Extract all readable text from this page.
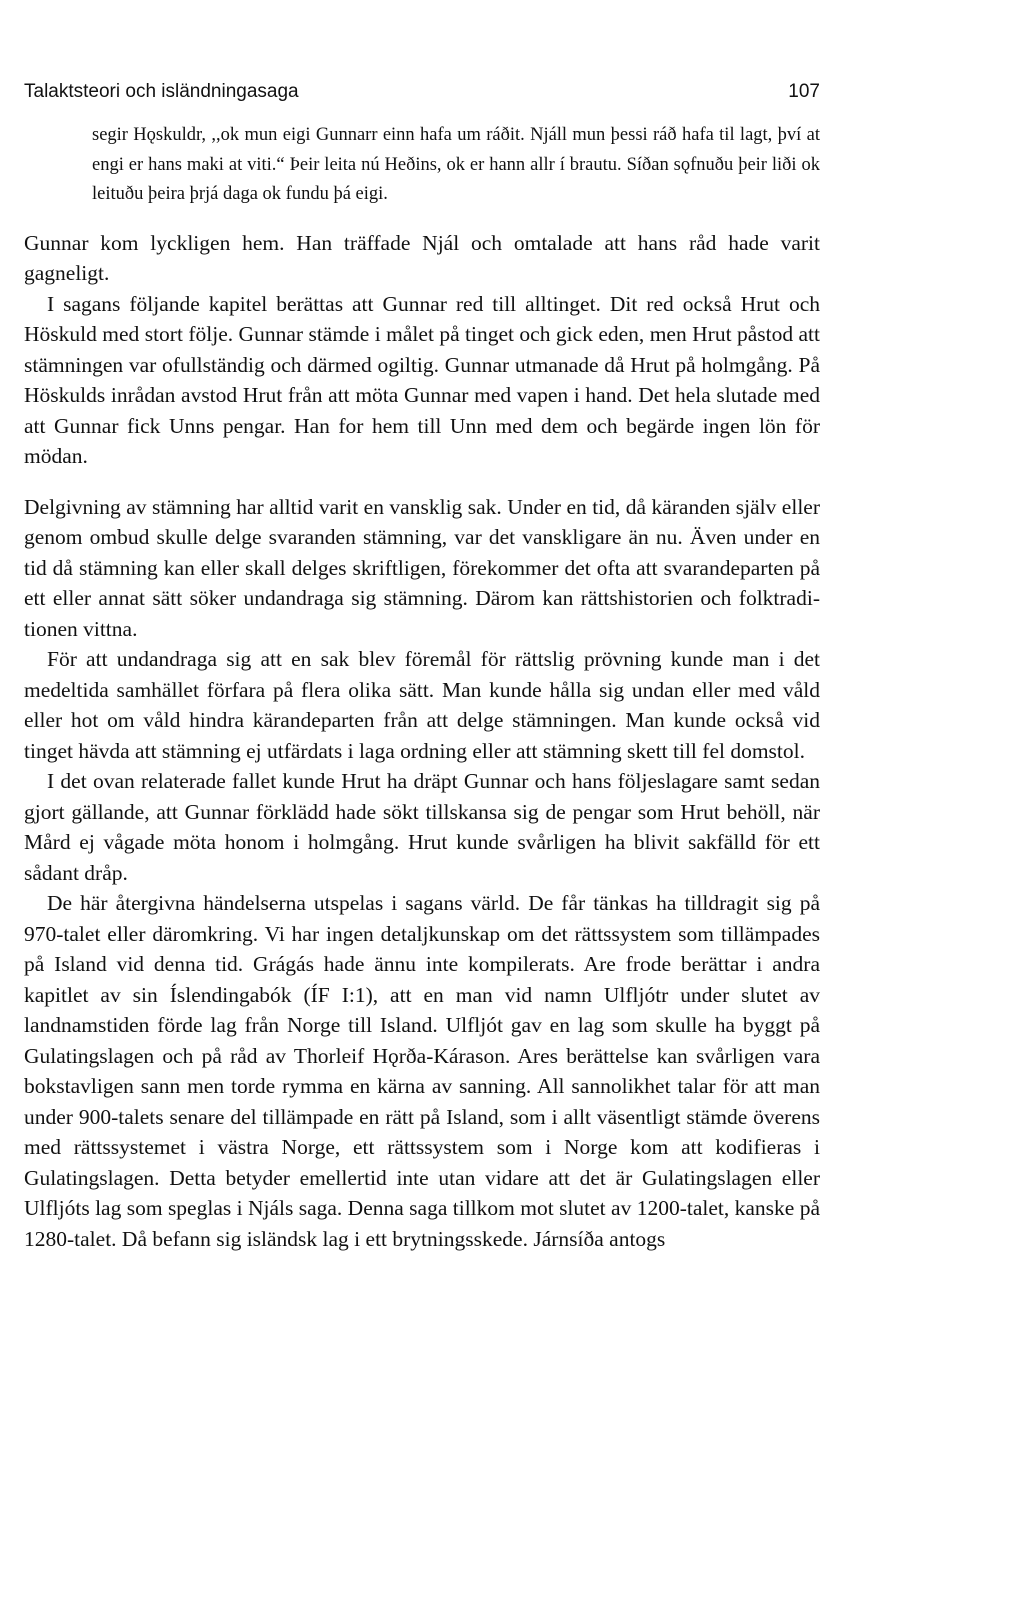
Talaktsteori och isländningasaga	107

segir Hǫskuldr, ,,ok mun eigi Gunnarr einn hafa um ráðit. Njáll mun þessi ráð hafa til lagt, því at engi er hans maki at viti.“ Þeir leita nú Heðins, ok er hann allr í brautu. Síðan sǫfnuðu þeir liði ok leituðu þeira þrjá daga ok fundu þá eigi.

Gunnar kom lyckligen hem. Han träffade Njál och omtalade att hans råd hade varit gagneligt.

I sagans följande kapitel berättas att Gunnar red till alltinget. Dit red också Hrut och Höskuld med stort följe. Gunnar stämde i målet på tinget och gick eden, men Hrut påstod att stämningen var ofullständig och därmed ogiltig. Gunnar utmanade då Hrut på holmgång. På Höskulds inrådan avstod Hrut från att möta Gunnar med vapen i hand. Det hela slutade med att Gunnar fick Unns pengar. Han for hem till Unn med dem och begärde ingen lön för mödan.

Delgivning av stämning har alltid varit en vansklig sak. Under en tid, då käranden själv eller genom ombud skulle delge svaranden stämning, var det vanskligare än nu. Även under en tid då stämning kan eller skall delges skriftligen, förekommer det ofta att svarandeparten på ett eller annat sätt söker undandraga sig stämning. Därom kan rättshistorien och folktraditionen vittna.

För att undandraga sig att en sak blev föremål för rättslig prövning kunde man i det medeltida samhället förfara på flera olika sätt. Man kunde hålla sig undan eller med våld eller hot om våld hindra kärandeparten från att delge stämningen. Man kunde också vid tinget hävda att stämning ej utfärdats i laga ordning eller att stämning skett till fel domstol.

I det ovan relaterade fallet kunde Hrut ha dräpt Gunnar och hans följeslagare samt sedan gjort gällande, att Gunnar förklädd hade sökt tillskansa sig de pengar som Hrut behöll, när Mård ej vågade möta honom i holmgång. Hrut kunde svårligen ha blivit sakfälld för ett sådant dråp.

De här återgivna händelserna utspelas i sagans värld. De får tänkas ha tilldragit sig på 970-talet eller däromkring. Vi har ingen detaljkunskap om det rättssystem som tillämpades på Island vid denna tid. Grágás hade ännu inte kompilerats. Are frode berättar i andra kapitlet av sin Íslendingabók (ÍF I:1), att en man vid namn Ulfljótr under slutet av landnamstiden förde lag från Norge till Island. Ulfljót gav en lag som skulle ha byggt på Gulatingslagen och på råd av Thorleif Hǫrða-Kárason. Ares berättelse kan svårligen vara bokstavligen sann men torde rymma en kärna av sanning. All sannolikhet talar för att man under 900-talets senare del tillämpade en rätt på Island, som i allt väsentligt stämde överens med rättssystemet i västra Norge, ett rättssystem som i Norge kom att kodifieras i Gulatingslagen. Detta betyder emellertid inte utan vidare att det är Gulatingslagen eller Ulfljóts lag som speglas i Njáls saga. Denna saga tillkom mot slutet av 1200-talet, kanske på 1280-talet. Då befann sig isländsk lag i ett brytningsskede. Járnsíða antogs
